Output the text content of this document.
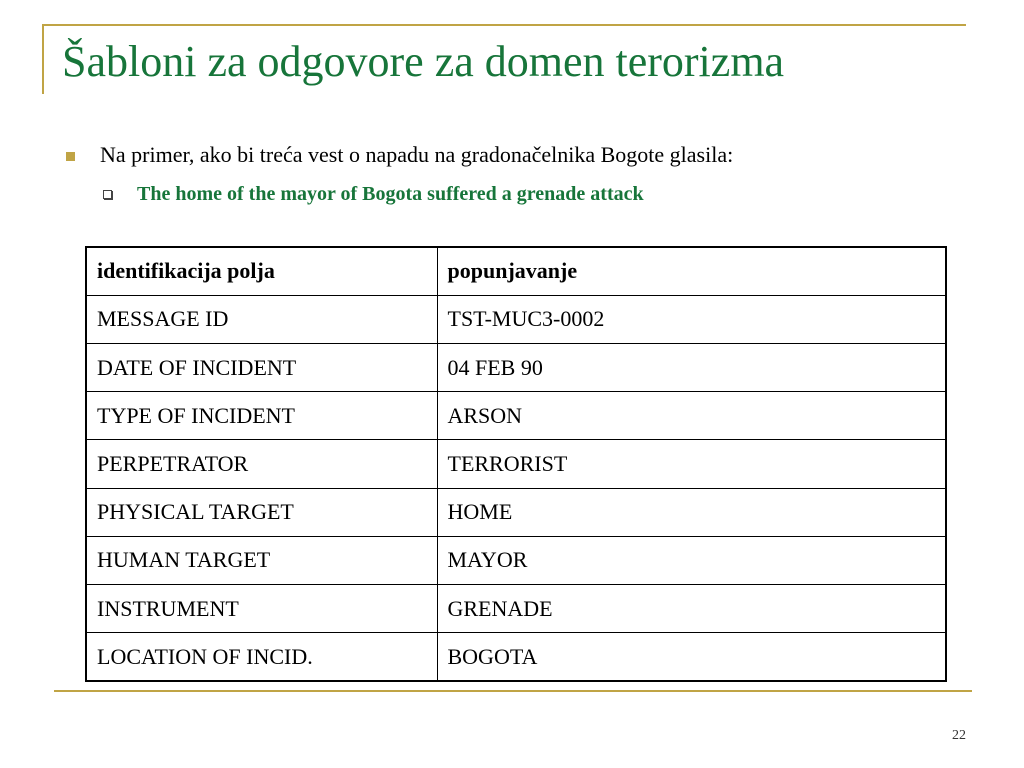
Šabloni za odgovore za domen terorizma
Na primer, ako bi treća vest o napadu na gradonačelnika Bogote glasila:
The home of the mayor of Bogota suffered a grenade attack
identifikacija polja	popunjavanje
MESSAGE ID	TST-MUC3-0002
DATE OF INCIDENT	04 FEB 90
TYPE OF INCIDENT	ARSON
PERPETRATOR	TERRORIST
PHYSICAL TARGET	HOME
HUMAN TARGET	MAYOR
INSTRUMENT	GRENADE
LOCATION OF INCID.	BOGOTA
22
